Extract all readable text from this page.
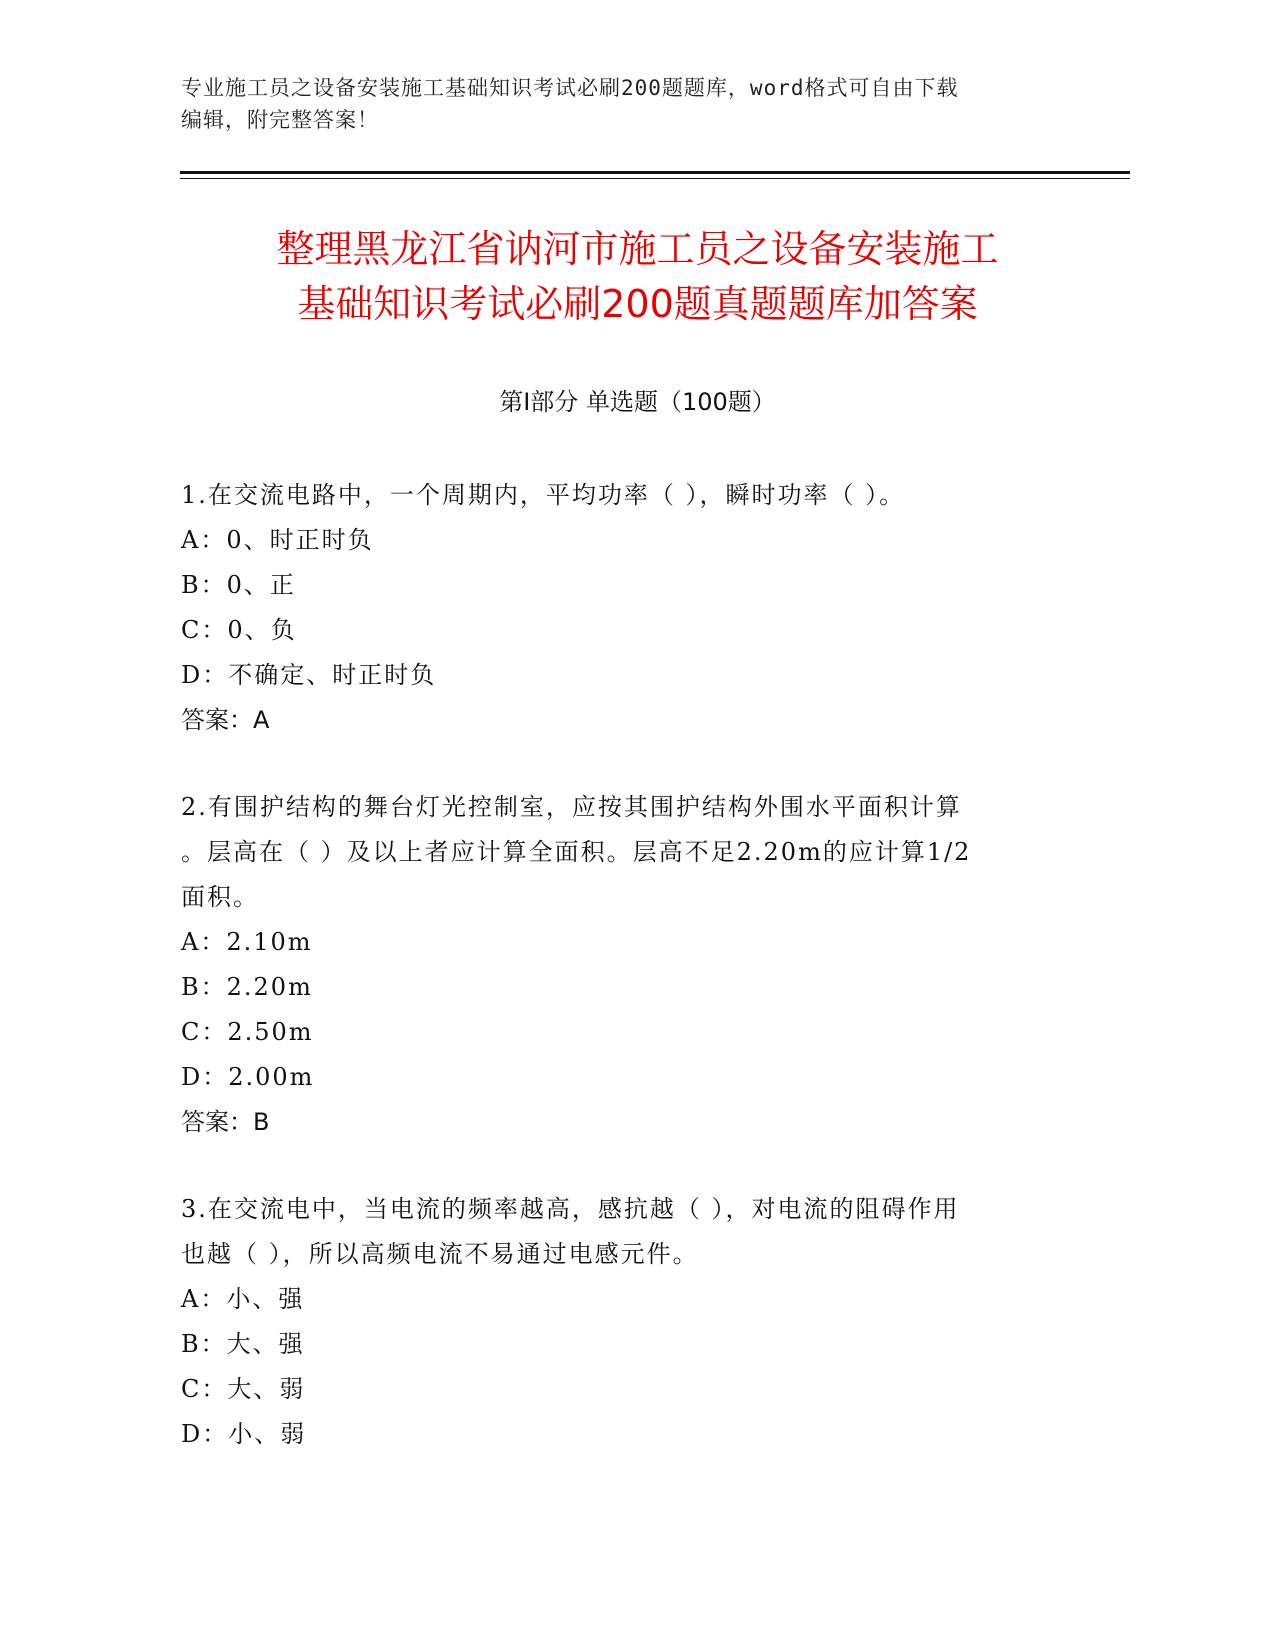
专业施工员之设备安装施工基础知识考试必刷200题题库，word格式可自由下载
编辑，附完整答案！
整理黑龙江省讷河市施工员之设备安装施工
基础知识考试必刷200题真题题库加答案
第I部分 单选题（100题）
1.在交流电路中，一个周期内，平均功率（ ），瞬时功率（ ）。
A：0、时正时负
B：0、正
C：0、负
D：不确定、时正时负
答案：A
2.有围护结构的舞台灯光控制室，应按其围护结构外围水平面积计算
。层高在（ ）及以上者应计算全面积。层高不足2.20m的应计算1/2
面积。
A：2.10m
B：2.20m
C：2.50m
D：2.00m
答案：B
3.在交流电中，当电流的频率越高，感抗越（ ），对电流的阻碍作用
也越（ ），所以高频电流不易通过电感元件。
A：小、强
B：大、强
C：大、弱
D：小、弱
